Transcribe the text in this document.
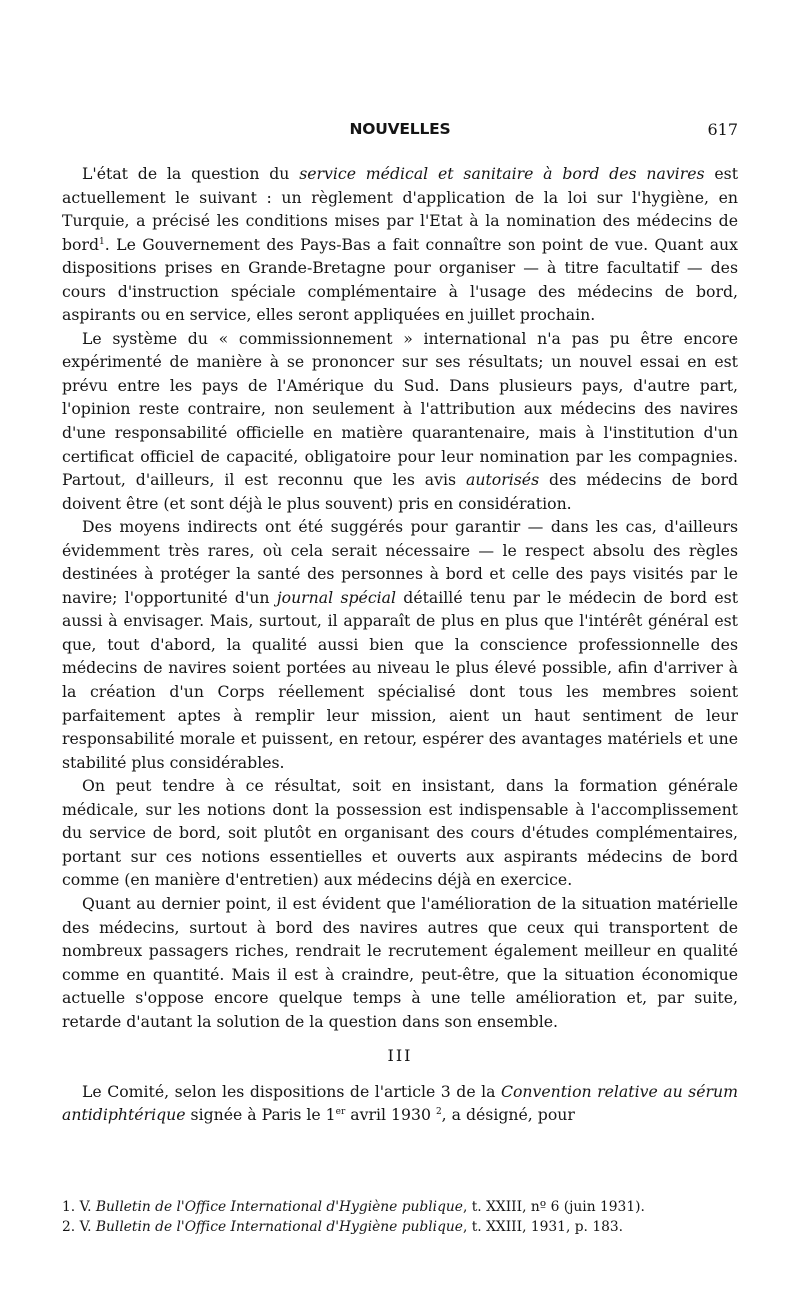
NOUVELLES	617

L'état de la question du service médical et sanitaire à bord des navires est actuellement le suivant : un règlement d'application de la loi sur l'hygiène, en Turquie, a précisé les conditions mises par l'Etat à la nomination des médecins de bord$^1$. Le Gouvernement des Pays-Bas a fait connaître son point de vue. Quant aux dispositions prises en Grande-Bretagne pour organiser — à titre facultatif — des cours d'instruction spéciale complémentaire à l'usage des médecins de bord, aspirants ou en service, elles seront appliquées en juillet prochain.

Le système du « commissionnement » international n'a pas pu être encore expérimenté de manière à se prononcer sur ses résultats; un nouvel essai en est prévu entre les pays de l'Amérique du Sud. Dans plusieurs pays, d'autre part, l'opinion reste contraire, non seulement à l'attribution aux médecins des navires d'une responsabilité officielle en matière quarantenaire, mais à l'institution d'un certificat officiel de capacité, obligatoire pour leur nomination par les compagnies. Partout, d'ailleurs, il est reconnu que les avis autorisés des médecins de bord doivent être (et sont déjà le plus souvent) pris en considération.

Des moyens indirects ont été suggérés pour garantir — dans les cas, d'ailleurs évidemment très rares, où cela serait nécessaire — le respect absolu des règles destinées à protéger la santé des personnes à bord et celle des pays visités par le navire; l'opportunité d'un journal spécial détaillé tenu par le médecin de bord est aussi à envisager. Mais, surtout, il apparaît de plus en plus que l'intérêt général est que, tout d'abord, la qualité aussi bien que la conscience professionnelle des médecins de navires soient portées au niveau le plus élevé possible, afin d'arriver à la création d'un Corps réellement spécialisé dont tous les membres soient parfaitement aptes à remplir leur mission, aient un haut sentiment de leur responsabilité morale et puissent, en retour, espérer des avantages matériels et une stabilité plus considérables.

On peut tendre à ce résultat, soit en insistant, dans la formation générale médicale, sur les notions dont la possession est indispensable à l'accomplissement du service de bord, soit plutôt en organisant des cours d'études complémentaires, portant sur ces notions essentielles et ouverts aux aspirants médecins de bord comme (en manière d'entretien) aux médecins déjà en exercice.

Quant au dernier point, il est évident que l'amélioration de la situation matérielle des médecins, surtout à bord des navires autres que ceux qui transportent de nombreux passagers riches, rendrait le recrutement également meilleur en qualité comme en quantité. Mais il est à craindre, peut-être, que la situation économique actuelle s'oppose encore quelque temps à une telle amélioration et, par suite, retarde d'autant la solution de la question dans son ensemble.

III

Le Comité, selon les dispositions de l'article 3 de la Convention relative au sérum antidiphtérique signée à Paris le 1er avril 1930 $^2$, a désigné, pour

1. V. Bulletin de l'Office International d'Hygiène publique, t. XXIII, nº 6 (juin 1931).
2. V. Bulletin de l'Office International d'Hygiène publique, t. XXIII, 1931, p. 183.
